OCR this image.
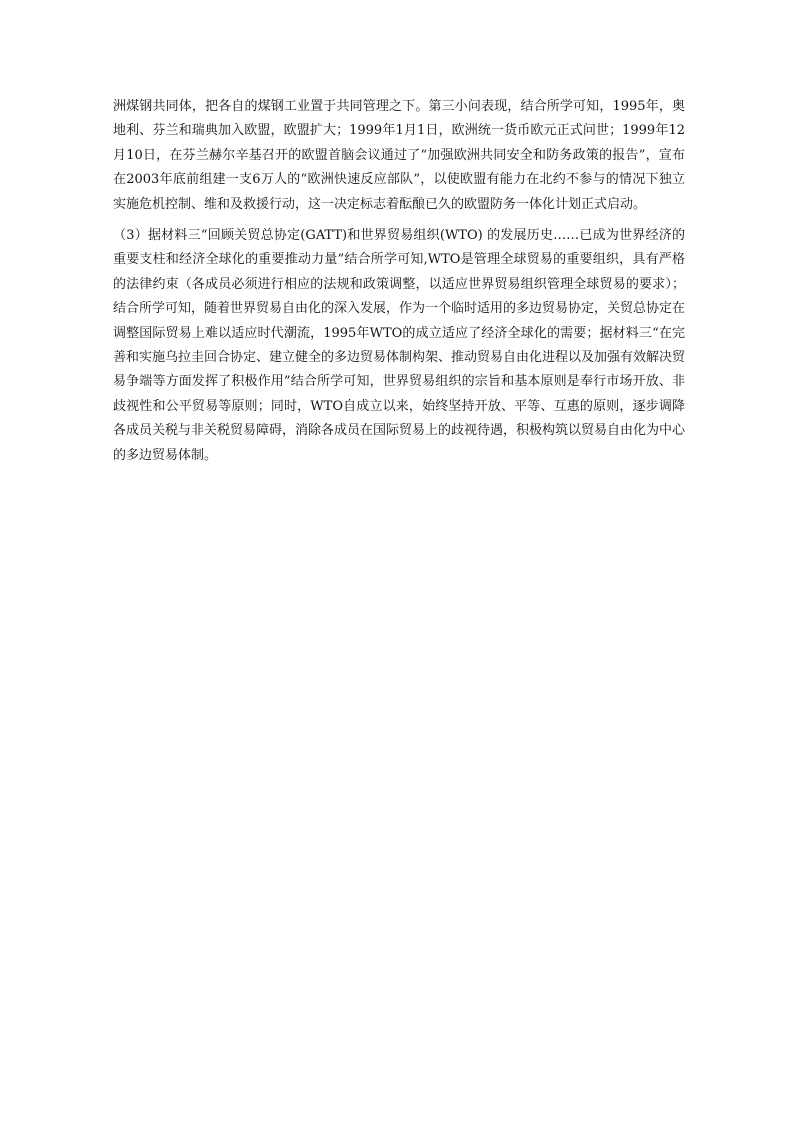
洲煤钢共同体，把各自的煤钢工业置于共同管理之下。第三小问表现，结合所学可知，1995年，奥地利、芬兰和瑞典加入欧盟，欧盟扩大；1999年1月1日，欧洲统一货币欧元正式问世；1999年12月10日，在芬兰赫尔辛基召开的欧盟首脑会议通过了“加强欧洲共同安全和防务政策的报告”，宣布在2003年底前组建一支6万人的“欧洲快速反应部队”，以使欧盟有能力在北约不参与的情况下独立实施危机控制、维和及救援行动，这一决定标志着酝酿已久的欧盟防务一体化计划正式启动。

（3）据材料三“回顾关贸总协定(GATT)和世界贸易组织(WTO) 的发展历史……已成为世界经济的重要支柱和经济全球化的重要推动力量”结合所学可知,WTO是管理全球贸易的重要组织，具有严格的法律约束（各成员必须进行相应的法规和政策调整，以适应世界贸易组织管理全球贸易的要求）；结合所学可知，随着世界贸易自由化的深入发展，作为一个临时适用的多边贸易协定，关贸总协定在调整国际贸易上难以适应时代潮流，1995年WTO的成立适应了经济全球化的需要；据材料三“在完善和实施乌拉圭回合协定、建立健全的多边贸易体制构架、推动贸易自由化进程以及加强有效解决贸易争端等方面发挥了积极作用”结合所学可知，世界贸易组织的宗旨和基本原则是奉行市场开放、非歧视性和公平贸易等原则；同时，WTO自成立以来，始终坚持开放、平等、互惠的原则，逐步调降各成员关税与非关税贸易障碍，消除各成员在国际贸易上的歧视待遇，积极构筑以贸易自由化为中心的多边贸易体制。
